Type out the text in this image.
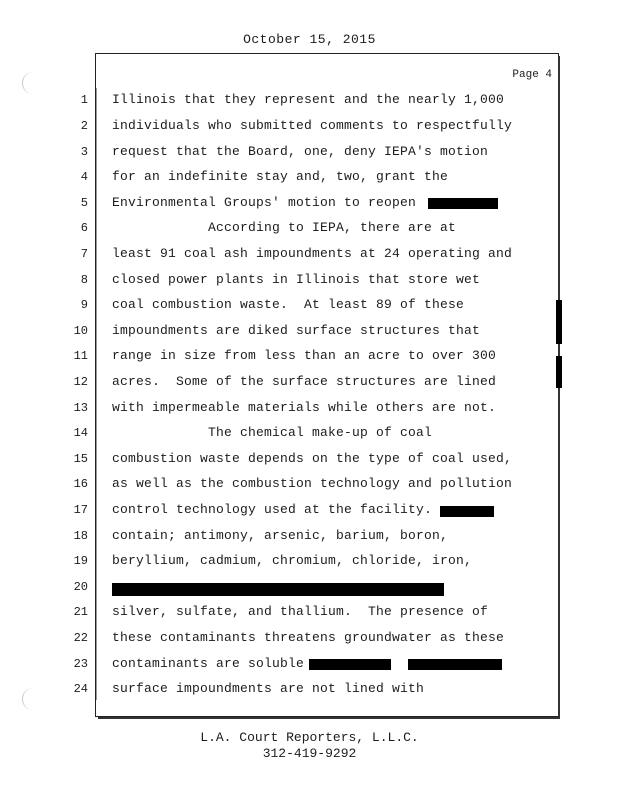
October 15, 2015
Page 4
1 Illinois that they represent and the nearly 1,000
2 individuals who submitted comments to respectfully
3 request that the Board, one, deny IEPA's motion
4 for an indefinite stay and, two, grant the
5 Environmental Groups' motion to reopen
6 According to IEPA, there are at
7 least 91 coal ash impoundments at 24 operating and
8 closed power plants in Illinois that store wet
9 coal combustion waste.  At least 89 of these
10 impoundments are diked surface structures that
11 range in size from less than an acre to over 300
12 acres.  Some of the surface structures are lined
13 with impermeable materials while others are not.
14 The chemical make-up of coal
15 combustion waste depends on the type of coal used,
16 as well as the combustion technology and pollution
17 control technology used at the facility.
18 contain; antimony, arsenic, barium, boron,
19 beryllium, cadmium, chromium, chloride, iron,
20
21 silver, sulfate, and thallium.  The presence of
22 these contaminants threatens groundwater as these
23 contaminants are soluble
24 surface impoundments are not lined with
L.A. Court Reporters, L.L.C.
312-419-9292
